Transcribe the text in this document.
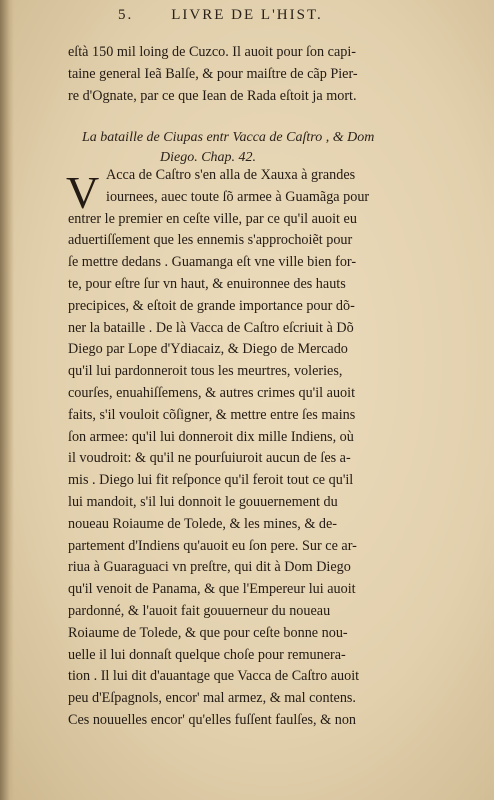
5.	LIVRE DE L'HIST.
eſtà 150 mil loing de Cuzco. Il auoit pour ſon capi-
taine general Ieã Balſe, & pour maiſtre de cãp Pier-
re d'Ognate, par ce que Iean de Rada eſtoit ja mort.
La bataille de Ciupas entr Vacca de Caſtro , & Dom
Diego. Chap. 42.
V Acca de Caſtro s'en alla de Xauxa à grandes
iournees, auec toute ſõ armee à Guamãga pour
entrer le premier en ceſte ville, par ce qu'il auoit eu
aduertiſſement que les ennemis s'approchoiẽt pour
ſe mettre dedans . Guamanga eſt vne ville bien for-
te, pour eſtre ſur vn haut, & enuironnee des hauts
precipices, & eſtoit de grande importance pour dõ-
ner la bataille . De là Vacca de Caſtro eſcriuit à Dõ
Diego par Lope d'Ydiacaiz, & Diego de Mercado
qu'il lui pardonneroit tous les meurtres, voleries,
courſes, enuahiſſemens, & autres crimes qu'il auoit
faits, s'il vouloit cõſigner, & mettre entre ſes mains
ſon armee: qu'il lui donneroit dix mille Indiens, où
il voudroit: & qu'il ne pourſuiuroit aucun de ſes a-
mis . Diego lui fit reſponce qu'il feroit tout ce qu'il
lui mandoit, s'il lui donnoit le gouuernement du
noueau Roiaume de Tolede, & les mines, & de-
partement d'Indiens qu'auoit eu ſon pere. Sur ce ar-
riua à Guaraguaci vn preſtre, qui dit à Dom Diego
qu'il venoit de Panama, & que l'Empereur lui auoit
pardonné, & l'auoit fait gouuerneur du noueau
Roiaume de Tolede, & que pour ceſte bonne nou-
uelle il lui donnaſt quelque choſe pour remunera-
tion . Il lui dit d'auantage que Vacca de Caſtro auoit
peu d'Eſpagnols, encor' mal armez, & mal contens.
Ces nouuelles encor' qu'elles fuſſent faulſes, & non
